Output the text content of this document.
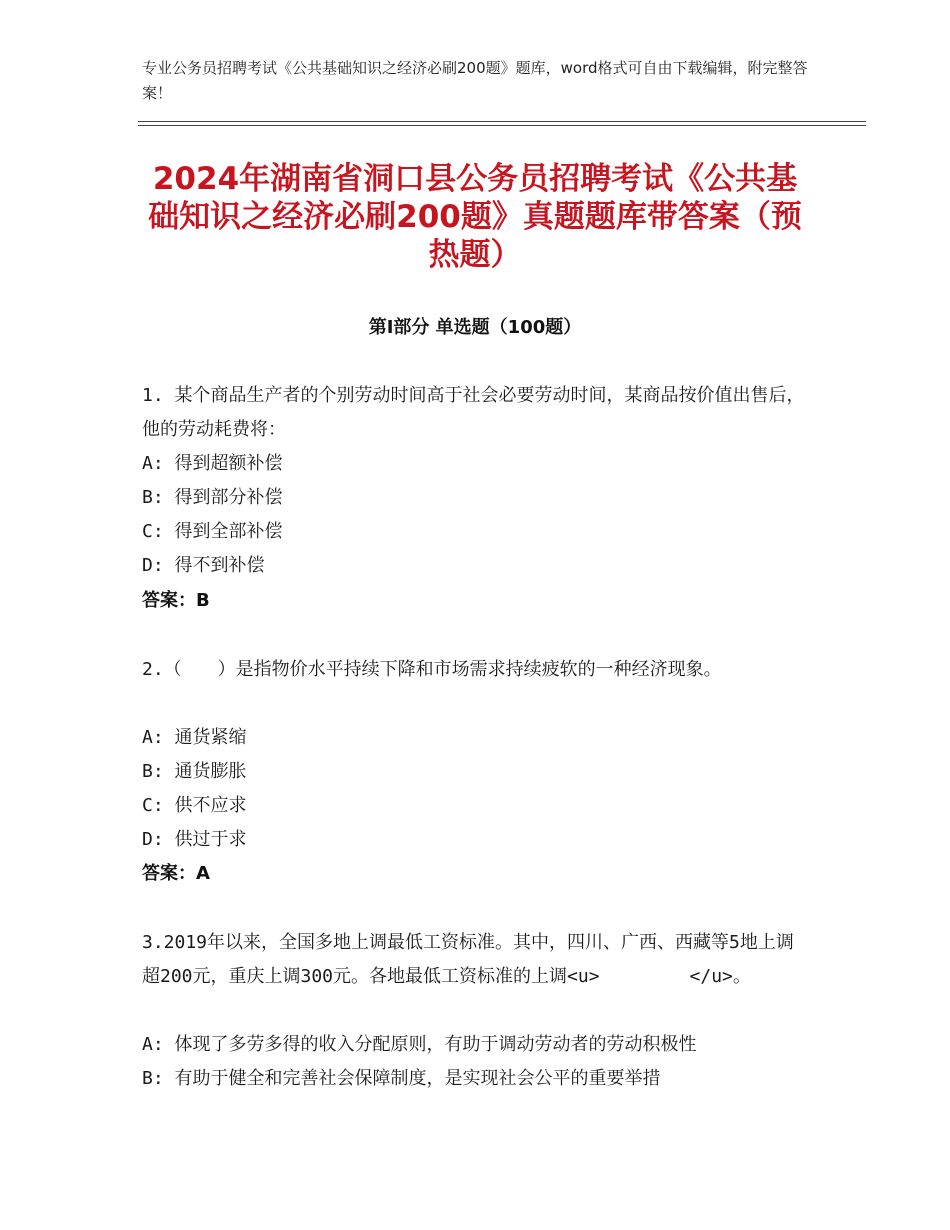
专业公务员招聘考试《公共基础知识之经济必刷200题》题库，word格式可自由下载编辑，附完整答案！
2024年湖南省洞口县公务员招聘考试《公共基础知识之经济必刷200题》真题题库带答案（预热题）
第Ⅰ部分 单选题（100题）
1. 某个商品生产者的个别劳动时间高于社会必要劳动时间，某商品按价值出售后，他的劳动耗费将：
A: 得到超额补偿
B: 得到部分补偿
C: 得到全部补偿
D: 得不到补偿
答案：B
2.（　　）是指物价水平持续下降和市场需求持续疲软的一种经济现象。
A: 通货紧缩
B: 通货膨胀
C: 供不应求
D: 供过于求
答案：A
3.2019年以来，全国多地上调最低工资标准。其中，四川、广西、西藏等5地上调超200元，重庆上调300元。各地最低工资标准的上调<u>　　　　　</u>。
A: 体现了多劳多得的收入分配原则，有助于调动劳动者的劳动积极性
B: 有助于健全和完善社会保障制度，是实现社会公平的重要举措
